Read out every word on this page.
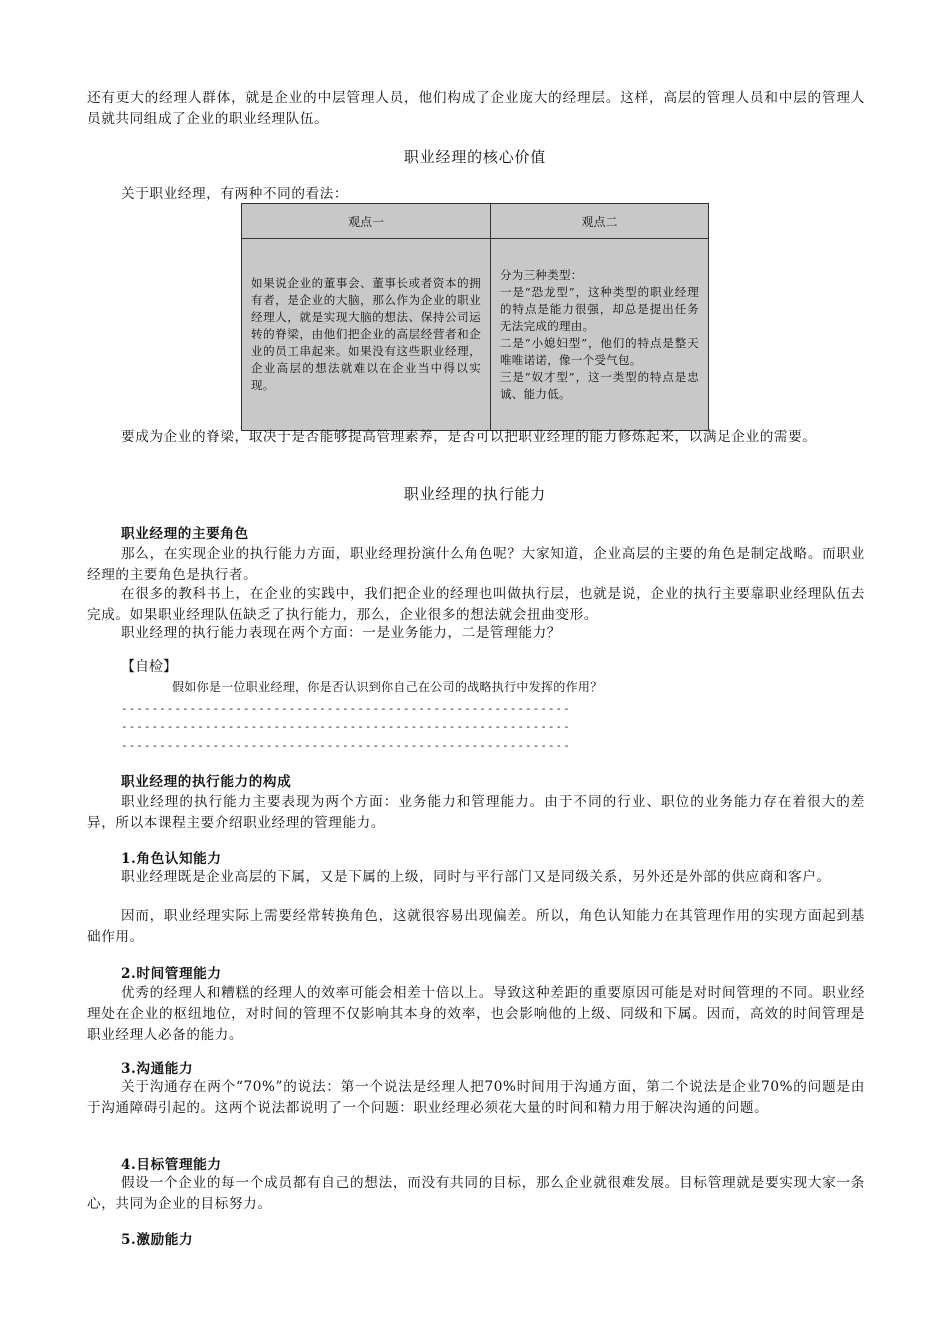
还有更大的经理人群体，就是企业的中层管理人员，他们构成了企业庞大的经理层。这样，高层的管理人员和中层的管理人员就共同组成了企业的职业经理队伍。

职业经理的核心价值

关于职业经理，有两种不同的看法：

观点一	观点二
如果说企业的董事会、董事长或者资本的拥有者，是企业的大脑，那么作为企业的职业经理人，就是实现大脑的想法、保持公司运转的脊梁，由他们把企业的高层经营者和企业的员工串起来。如果没有这些职业经理，企业高层的想法就难以在企业当中得以实现。	分为三种类型：
一是“恐龙型”，这种类型的职业经理的特点是能力很强，却总是提出任务无法完成的理由。
二是“小媳妇型”，他们的特点是整天唯唯诺诺，像一个受气包。
三是“奴才型”，这一类型的特点是忠诚、能力低。

要成为企业的脊梁，取决于是否能够提高管理素养，是否可以把职业经理的能力修炼起来，以满足企业的需要。

职业经理的执行能力

职业经理的主要角色

那么，在实现企业的执行能力方面，职业经理扮演什么角色呢？大家知道，企业高层的主要的角色是制定战略。而职业经理的主要角色是执行者。

在很多的教科书上，在企业的实践中，我们把企业的经理也叫做执行层，也就是说，企业的执行主要靠职业经理队伍去完成。如果职业经理队伍缺乏了执行能力，那么，企业很多的想法就会扭曲变形。

职业经理的执行能力表现在两个方面：一是业务能力，二是管理能力？

【自检】

假如你是一位职业经理，你是否认识到你自己在公司的战略执行中发挥的作用？

-----------------------------------------------------------

-----------------------------------------------------------

-----------------------------------------------------------

职业经理的执行能力的构成

职业经理的执行能力主要表现为两个方面：业务能力和管理能力。由于不同的行业、职位的业务能力存在着很大的差异，所以本课程主要介绍职业经理的管理能力。

1.角色认知能力

职业经理既是企业高层的下属，又是下属的上级，同时与平行部门又是同级关系，另外还是外部的供应商和客户。

因而，职业经理实际上需要经常转换角色，这就很容易出现偏差。所以，角色认知能力在其管理作用的实现方面起到基础作用。

2.时间管理能力

优秀的经理人和糟糕的经理人的效率可能会相差十倍以上。导致这种差距的重要原因可能是对时间管理的不同。职业经理处在企业的枢纽地位，对时间的管理不仅影响其本身的效率，也会影响他的上级、同级和下属。因而，高效的时间管理是职业经理人必备的能力。

3.沟通能力

关于沟通存在两个“70%”的说法：第一个说法是经理人把70%时间用于沟通方面，第二个说法是企业70%的问题是由于沟通障碍引起的。这两个说法都说明了一个问题：职业经理必须花大量的时间和精力用于解决沟通的问题。

4.目标管理能力

假设一个企业的每一个成员都有自己的想法，而没有共同的目标，那么企业就很难发展。目标管理就是要实现大家一条心，共同为企业的目标努力。

5.激励能力
